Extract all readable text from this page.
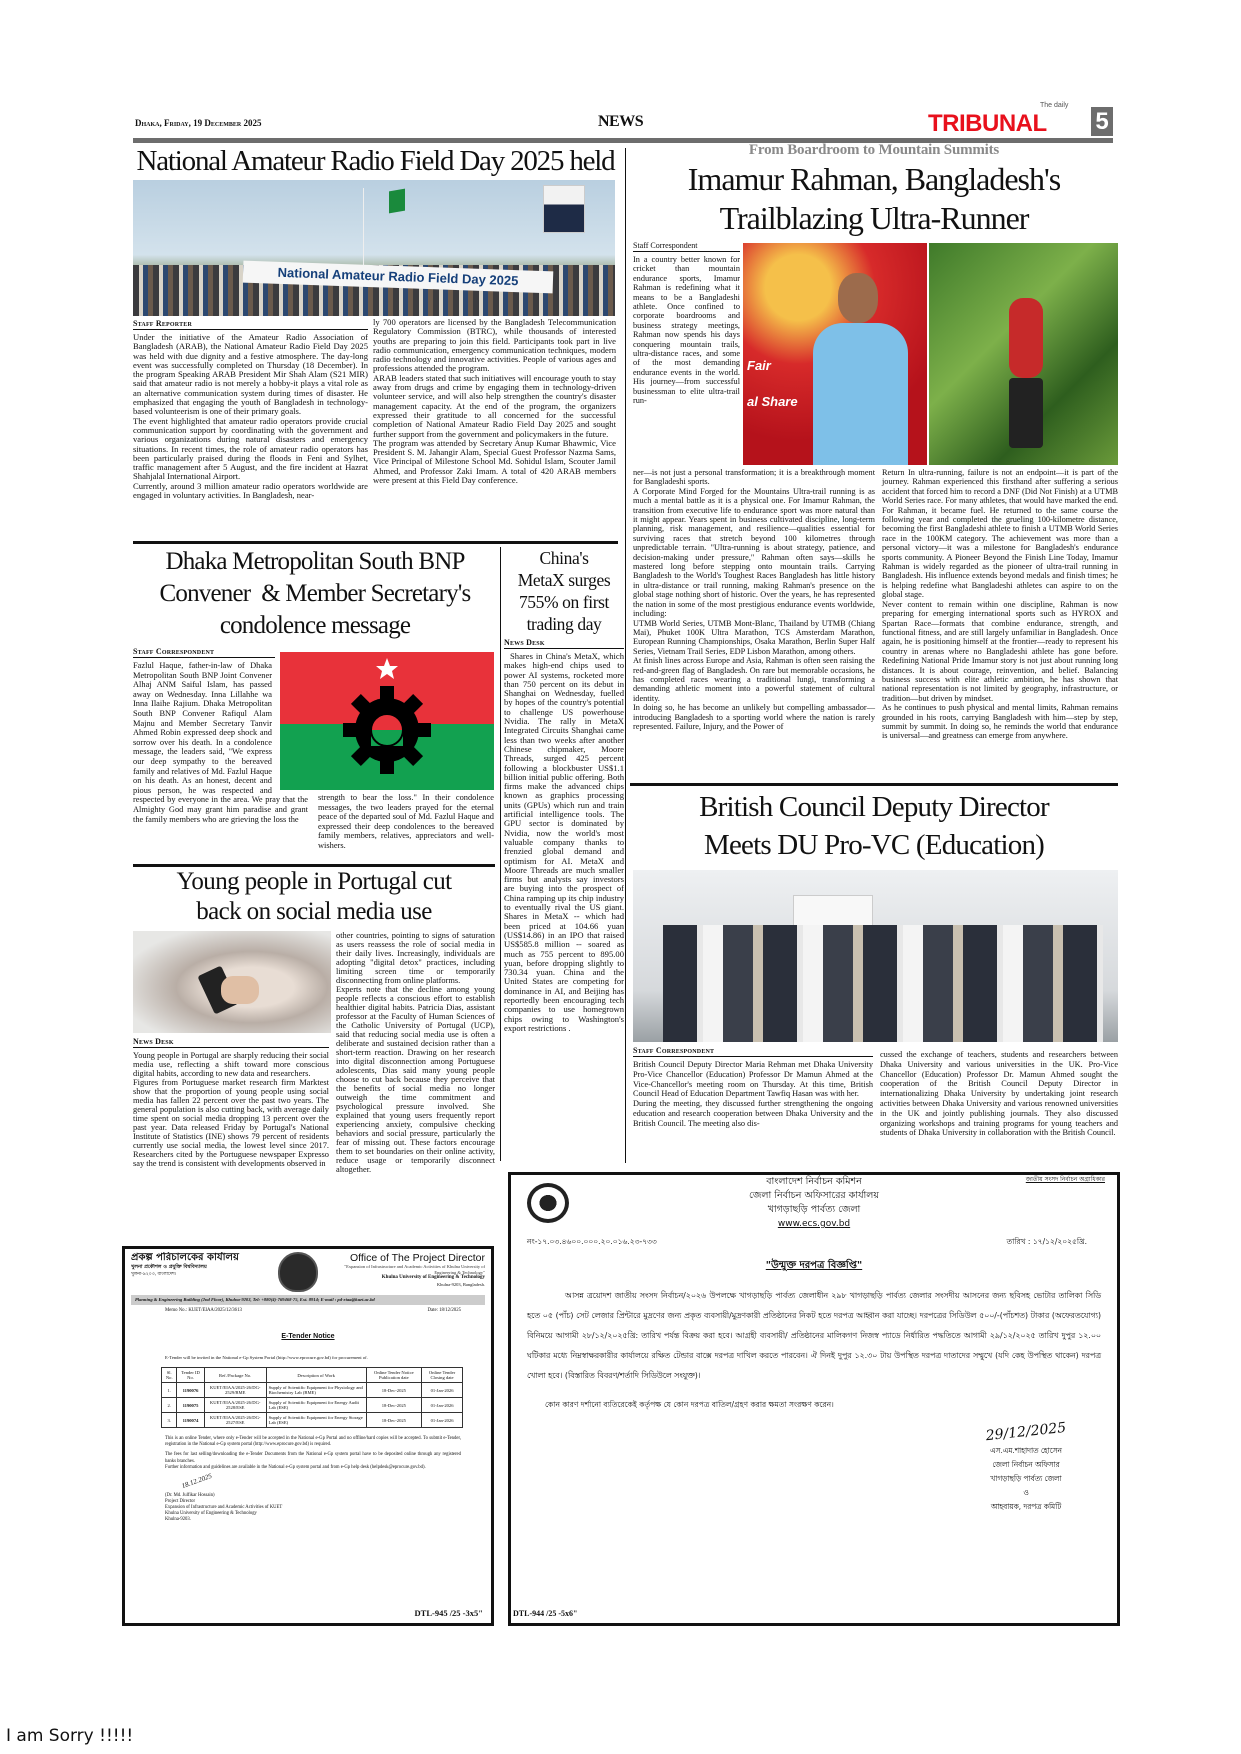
Dhaka, Friday, 19 December 2025	NEWS
The daily
TRIBUNAL 5
National Amateur Radio Field Day 2025 held
National Amateur Radio Field Day 2025
Staff Reporter

Under the initiative of the Amateur Radio Association of Bangladesh (ARAB), the National Amateur Radio Field Day 2025 was held with due dignity and a festive atmosphere. The day-long event was successfully completed on Thursday (18 December). In the program Speaking ARAB President Mir Shah Alam (S21 MIR) said that amateur radio is not merely a hobby-it plays a vital role as an alternative communication system during times of disaster. He emphasized that engaging the youth of Bangladesh in technology-based volunteerism is one of their primary goals.

The event highlighted that amateur radio operators provide crucial communication support by coordinating with the government and various organizations during natural disasters and emergency situations. In recent times, the role of amateur radio operators has been particularly praised during the floods in Feni and Sylhet, traffic management after 5 August, and the fire incident at Hazrat Shahjalal International Airport.

Currently, around 3 million amateur radio operators worldwide are engaged in voluntary activities. In Bangladesh, near-

ly 700 operators are licensed by the Bangladesh Telecommunication Regulatory Commission (BTRC), while thousands of interested youths are preparing to join this field. Participants took part in live radio communication, emergency communication techniques, modern radio technology and innovative activities. People of various ages and professions attended the program.

ARAB leaders stated that such initiatives will encourage youth to stay away from drugs and crime by engaging them in technology-driven volunteer service, and will also help strengthen the country's disaster management capacity. At the end of the program, the organizers expressed their gratitude to all concerned for the successful completion of National Amateur Radio Field Day 2025 and sought further support from the government and policymakers in the future.

The program was attended by Secretary Anup Kumar Bhawmic, Vice President S. M. Jahangir Alam, Special Guest Professor Nazma Sams, Vice Principal of Milestone School Md. Sohidul Islam, Scouter Jamil Ahmed, and Professor Zaki Imam. A total of 420 ARAB members were present at this Field Day conference.

Dhaka Metropolitan South BNP
Convener  & Member Secretary's
condolence message
Staff Correspondent
Fazlul Haque, father-in-law of Dhaka Metropolitan South BNP Joint Convener Alhaj ANM Saiful Islam, has passed away on Wednesday. Inna Lillahhe wa Inna Ilaihe Rajium. Dhaka Metropolitan South BNP Convener Rafiqul Alam Majnu and Member Secretary Tanvir Ahmed Robin expressed deep shock and sorrow over his death. In a condolence message, the leaders said, "We express our deep sympathy to the bereaved family and relatives of Md. Fazlul Haque on his death. As an honest, decent and pious person, he was respected and respected by everyone in the area. We pray that the Almighty God may grant him paradise and grant the family members who are grieving the loss the
strength to bear the loss." In their condolence messages, the two leaders prayed for the eternal peace of the departed soul of Md. Fazlul Haque and expressed their deep condolences to the bereaved family members, relatives, appreciators and well-wishers.
China's
MetaX surges
755% on first
trading day
News Desk
Shares in China's MetaX, which makes high-end chips used to power AI systems, rocketed more than 750 percent on its debut in Shanghai on Wednesday, fuelled by hopes of the country's potential to challenge US powerhouse Nvidia. The rally in MetaX Integrated Circuits Shanghai came less than two weeks after another Chinese chipmaker, Moore Threads, surged 425 percent following a blockbuster US$1.1 billion initial public offering. Both firms make the advanced chips known as graphics processing units (GPUs) which run and train artificial intelligence tools. The GPU sector is dominated by Nvidia, now the world's most valuable company thanks to frenzied global demand and optimism for AI. MetaX and Moore Threads are much smaller firms but analysts say investors are buying into the prospect of China ramping up its chip industry to eventually rival the US giant. Shares in MetaX -- which had been priced at 104.66 yuan (US$14.86) in an IPO that raised US$585.8 million -- soared as much as 755 percent to 895.00 yuan, before dropping slightly to 730.34 yuan. China and the United States are competing for dominance in AI, and Beijing has reportedly been encouraging tech companies to use homegrown chips owing to Washington's export restrictions .
Young people in Portugal cut
back on social media use
News Desk

Young people in Portugal are sharply reducing their social media use, reflecting a shift toward more conscious digital habits, according to new data and researchers.

Figures from Portuguese market research firm Marktest show that the proportion of young people using social media has fallen 22 percent over the past two years. The general population is also cutting back, with average daily time spent on social media dropping 13 percent over the past year. Data released Friday by Portugal's National Institute of Statistics (INE) shows 79 percent of residents currently use social media, the lowest level since 2017. Researchers cited by the Portuguese newspaper Expresso say the trend is consistent with developments observed in

other countries, pointing to signs of saturation as users reassess the role of social media in their daily lives. Increasingly, individuals are adopting "digital detox" practices, including limiting screen time or temporarily disconnecting from online platforms.

Experts note that the decline among young people reflects a conscious effort to establish healthier digital habits. Patricia Dias, assistant professor at the Faculty of Human Sciences of the Catholic University of Portugal (UCP), said that reducing social media use is often a deliberate and sustained decision rather than a short-term reaction. Drawing on her research into digital disconnection among Portuguese adolescents, Dias said many young people choose to cut back because they perceive that the benefits of social media no longer outweigh the time commitment and psychological pressure involved. She explained that young users frequently report experiencing anxiety, compulsive checking behaviors and social pressure, particularly the fear of missing out. These factors encourage them to set boundaries on their online activity, reduce usage or temporarily disconnect altogether.

From Boardroom to Mountain Summits
Imamur Rahman, Bangladesh's
Trailblazing Ultra-Runner
Staff Correspondent
In a country better known for cricket than mountain endurance sports, Imamur Rahman is redefining what it means to be a Bangladeshi athlete. Once confined to corporate boardrooms and business strategy meetings, Rahman now spends his days conquering mountain trails, ultra-distance races, and some of the most demanding endurance events in the world. His journey—from successful businessman to elite ultra-trail run-
Fair
al Share

ner—is not just a personal transformation; it is a breakthrough moment for Bangladeshi sports.

A Corporate Mind Forged for the Mountains Ultra-trail running is as much a mental battle as it is a physical one. For Imamur Rahman, the transition from executive life to endurance sport was more natural than it might appear. Years spent in business cultivated discipline, long-term planning, risk management, and resilience—qualities essential for surviving races that stretch beyond 100 kilometres through unpredictable terrain. "Ultra-running is about strategy, patience, and decision-making under pressure," Rahman often says—skills he mastered long before stepping onto mountain trails. Carrying Bangladesh to the World's Toughest Races Bangladesh has little history in ultra-distance or trail running, making Rahman's presence on the global stage nothing short of historic. Over the years, he has represented the nation in some of the most prestigious endurance events worldwide, including:

UTMB World Series, UTMB Mont-Blanc, Thailand by UTMB (Chiang Mai), Phuket 100K Ultra Marathon, TCS Amsterdam Marathon, European Running Championships, Osaka Marathon, Berlin Super Half Series, Vietnam Trail Series, EDP Lisbon Marathon, among others.

At finish lines across Europe and Asia, Rahman is often seen raising the red-and-green flag of Bangladesh. On rare but memorable occasions, he has completed races wearing a traditional lungi, transforming a demanding athletic moment into a powerful statement of cultural identity.

In doing so, he has become an unlikely but compelling ambassador—introducing Bangladesh to a sporting world where the nation is rarely represented. Failure, Injury, and the Power of

Return In ultra-running, failure is not an endpoint—it is part of the journey. Rahman experienced this firsthand after suffering a serious accident that forced him to record a DNF (Did Not Finish) at a UTMB World Series race. For many athletes, that would have marked the end. For Rahman, it became fuel. He returned to the same course the following year and completed the grueling 100-kilometre distance, becoming the first Bangladeshi athlete to finish a UTMB World Series race in the 100KM category. The achievement was more than a personal victory—it was a milestone for Bangladesh's endurance sports community. A Pioneer Beyond the Finish Line Today, Imamur Rahman is widely regarded as the pioneer of ultra-trail running in Bangladesh. His influence extends beyond medals and finish times; he is helping redefine what Bangladeshi athletes can aspire to on the global stage.

Never content to remain within one discipline, Rahman is now preparing for emerging international sports such as HYROX and Spartan Race—formats that combine endurance, strength, and functional fitness, and are still largely unfamiliar in Bangladesh. Once again, he is positioning himself at the frontier—ready to represent his country in arenas where no Bangladeshi athlete has gone before. Redefining National Pride Imamur story is not just about running long distances. It is about courage, reinvention, and belief. Balancing business success with elite athletic ambition, he has shown that national representation is not limited by geography, infrastructure, or tradition—but driven by mindset.

As he continues to push physical and mental limits, Rahman remains grounded in his roots, carrying Bangladesh with him—step by step, summit by summit. In doing so, he reminds the world that endurance is universal—and greatness can emerge from anywhere.

British Council Deputy Director
Meets DU Pro-VC (Education)
Staff Correspondent

British Council Deputy Director Maria Rehman met Dhaka University Pro-Vice Chancellor (Education) Professor Dr Mamun Ahmed at the Vice-Chancellor's meeting room on Thursday. At this time, British Council Head of Education Department Tawfiq Hasan was with her.

During the meeting, they discussed further strengthening the ongoing education and research cooperation between Dhaka University and the British Council. The meeting also dis-

cussed the exchange of teachers, students and researchers between Dhaka University and various universities in the UK. Pro-Vice Chancellor (Education) Professor Dr. Mamun Ahmed sought the cooperation of the British Council Deputy Director in internationalizing Dhaka University by undertaking joint research activities between Dhaka University and various renowned universities in the UK and jointly publishing journals. They also discussed organizing workshops and training programs for young teachers and students of Dhaka University in collaboration with the British Council.
প্রকল্প পরিচালকের কার্যালয়
খুলনা প্রকৌশল ও প্রযুক্তি বিশ্ববিদ্যালয়
খুলনা-৯২০৩, বাংলাদেশ।
Office of The Project Director
"Expansion of Infrastructure and Academic Activities of Khulna University of Engineering & Technology"
Khulna University of Engineering & Technology
Khulna-9203, Bangladesh.
Planning & Engineering Building (2nd Floor), Khulna-9203, Tel: +880(4)-769468-75, Ext. 8914; E-mail : pd-eiaa@kuet.ac.bd
Memo No.: KUET/EIAA/2025/12/3613	Date: 18/12/2025
E-Tender Notice
E-Tender will be invited in the National e-Gp System Portal (http://www.eprocure.gov.bd) for procurement of.
Sl. No.	Tender ID No.	Ref./Package No.	Description of Work	Online Tender Notice Publication date	Online Tender Closing date
1.	1190076	KUET/EIAA/2025-26/DG-2529/BME	Supply of Scientific Equipment for Physiology and Biochemistry Lab (BME)	18-Dec-2025	01-Jan-2026
2.	1190075	KUET/EIAA/2025-26/DG-2528/ESE	Supply of Scientific Equipment for Energy Audit Lab (ESE)	18-Dec-2025	01-Jan-2026
3.	1190074	KUET/EIAA/2025-26/DG-2527/ESE	Supply of Scientific Equipment for Energy Storage Lab (ESE)	18-Dec-2025	01-Jan-2026

This is an online Tender, where only e-Tender will be accepted in the National e-Gp Portal and no offline/hard copies will be accepted. To submit e-Tender, registration in the National e-Gp system portal (http://www.eprocure.gov.bd) is required.

The fees for last selling/downloading the e-Tender Documents from the National e-Gp system portal have to be deposited online through any registered banks branches.

Further information and guidelines are available in the National e-Gp system portal and from e-Gp help desk (helpdesk@eprocure.gov.bd).

18.12.2025
(Dr. Md. Julfikar Hossain)
Project Director
Expansion of Infrastructure and Academic Activities of KUET
Khulna University of Engineering & Technology
Khulna-9203.
DTL-945 /25 -3x5"
জাতীয় সংসদ নির্বাচন অগ্রাধিকার
বাংলাদেশ নির্বাচন কমিশন
জেলা নির্বাচন অফিসারের কার্যালয়
খাগড়াছড়ি পার্বত্য জেলা
www.ecs.gov.bd
নং-১৭.০৩.৪৬০০.০০০.২০.০১৬.২৩-৭৩৩	তারিখ : ১৭/১২/২০২৫খ্রি.
"উন্মুক্ত দরপত্র বিজ্ঞপ্তি"
আসন্ন ত্রয়োদশ জাতীয় সংসদ নির্বাচন/২০২৬ উপলক্ষে খাগড়াছড়ি পার্বত্য জেলাধীন ২৯৮ খাগড়াছড়ি পার্বত্য জেলার সংসদীয় আসনের জন্য ছবিসহ ভোটার তালিকা সিডি হতে ০৫ (পাঁচ) সেট লেজার প্রিন্টারে মুদ্রণের জন্য প্রকৃত ব্যবসায়ী/মুদ্রণকারী প্রতিষ্ঠানের নিকট হতে দরপত্র আহ্বান করা যাচ্ছে। দরপত্রের সিডিউল ৫০০/-(পাঁচশত) টাকার (অফেরতযোগ্য) বিনিময়ে আগামী ২৮/১২/২০২৫খ্রি: তারিখ পর্যন্ত বিক্রয় করা হবে। আগ্রহী ব্যবসায়ী/ প্রতিষ্ঠানের মালিকগণ নিজস্ব প্যাডে নির্ধারিত পদ্ধতিতে আগামী ২৯/১২/২০২৫ তারিখ দুপুর ১২.০০ ঘটিকার মধ্যে নিম্নস্বাক্ষরকারীর কার্যালয়ে রক্ষিত টেন্ডার বাক্সে দরপত্র দাখিল করতে পারবেন। ঐ দিনই দুপুর ১২.৩০ টায় উপস্থিত দরপত্র দাতাদের সম্মুখে (যদি কেহ উপস্থিত থাকেন) দরপত্র খোলা হবে। (বিস্তারিত বিবরণ/শর্তাদি সিডিউলে সংযুক্ত)।
কোন কারণ দর্শানো ব্যতিরেকেই কর্তৃপক্ষ যে কোন দরপত্র বাতিল/গ্রহণ করার ক্ষমতা সংরক্ষণ করেন।
29/12/2025
এস.এম.শাহাদাত হোসেন
জেলা নির্বাচন অফিসার
খাগড়াছড়ি পার্বত্য জেলা
ও
আহবায়ক, দরপত্র কমিটি
DTL-944 /25 -5x6"
I am Sorry !!!!!
